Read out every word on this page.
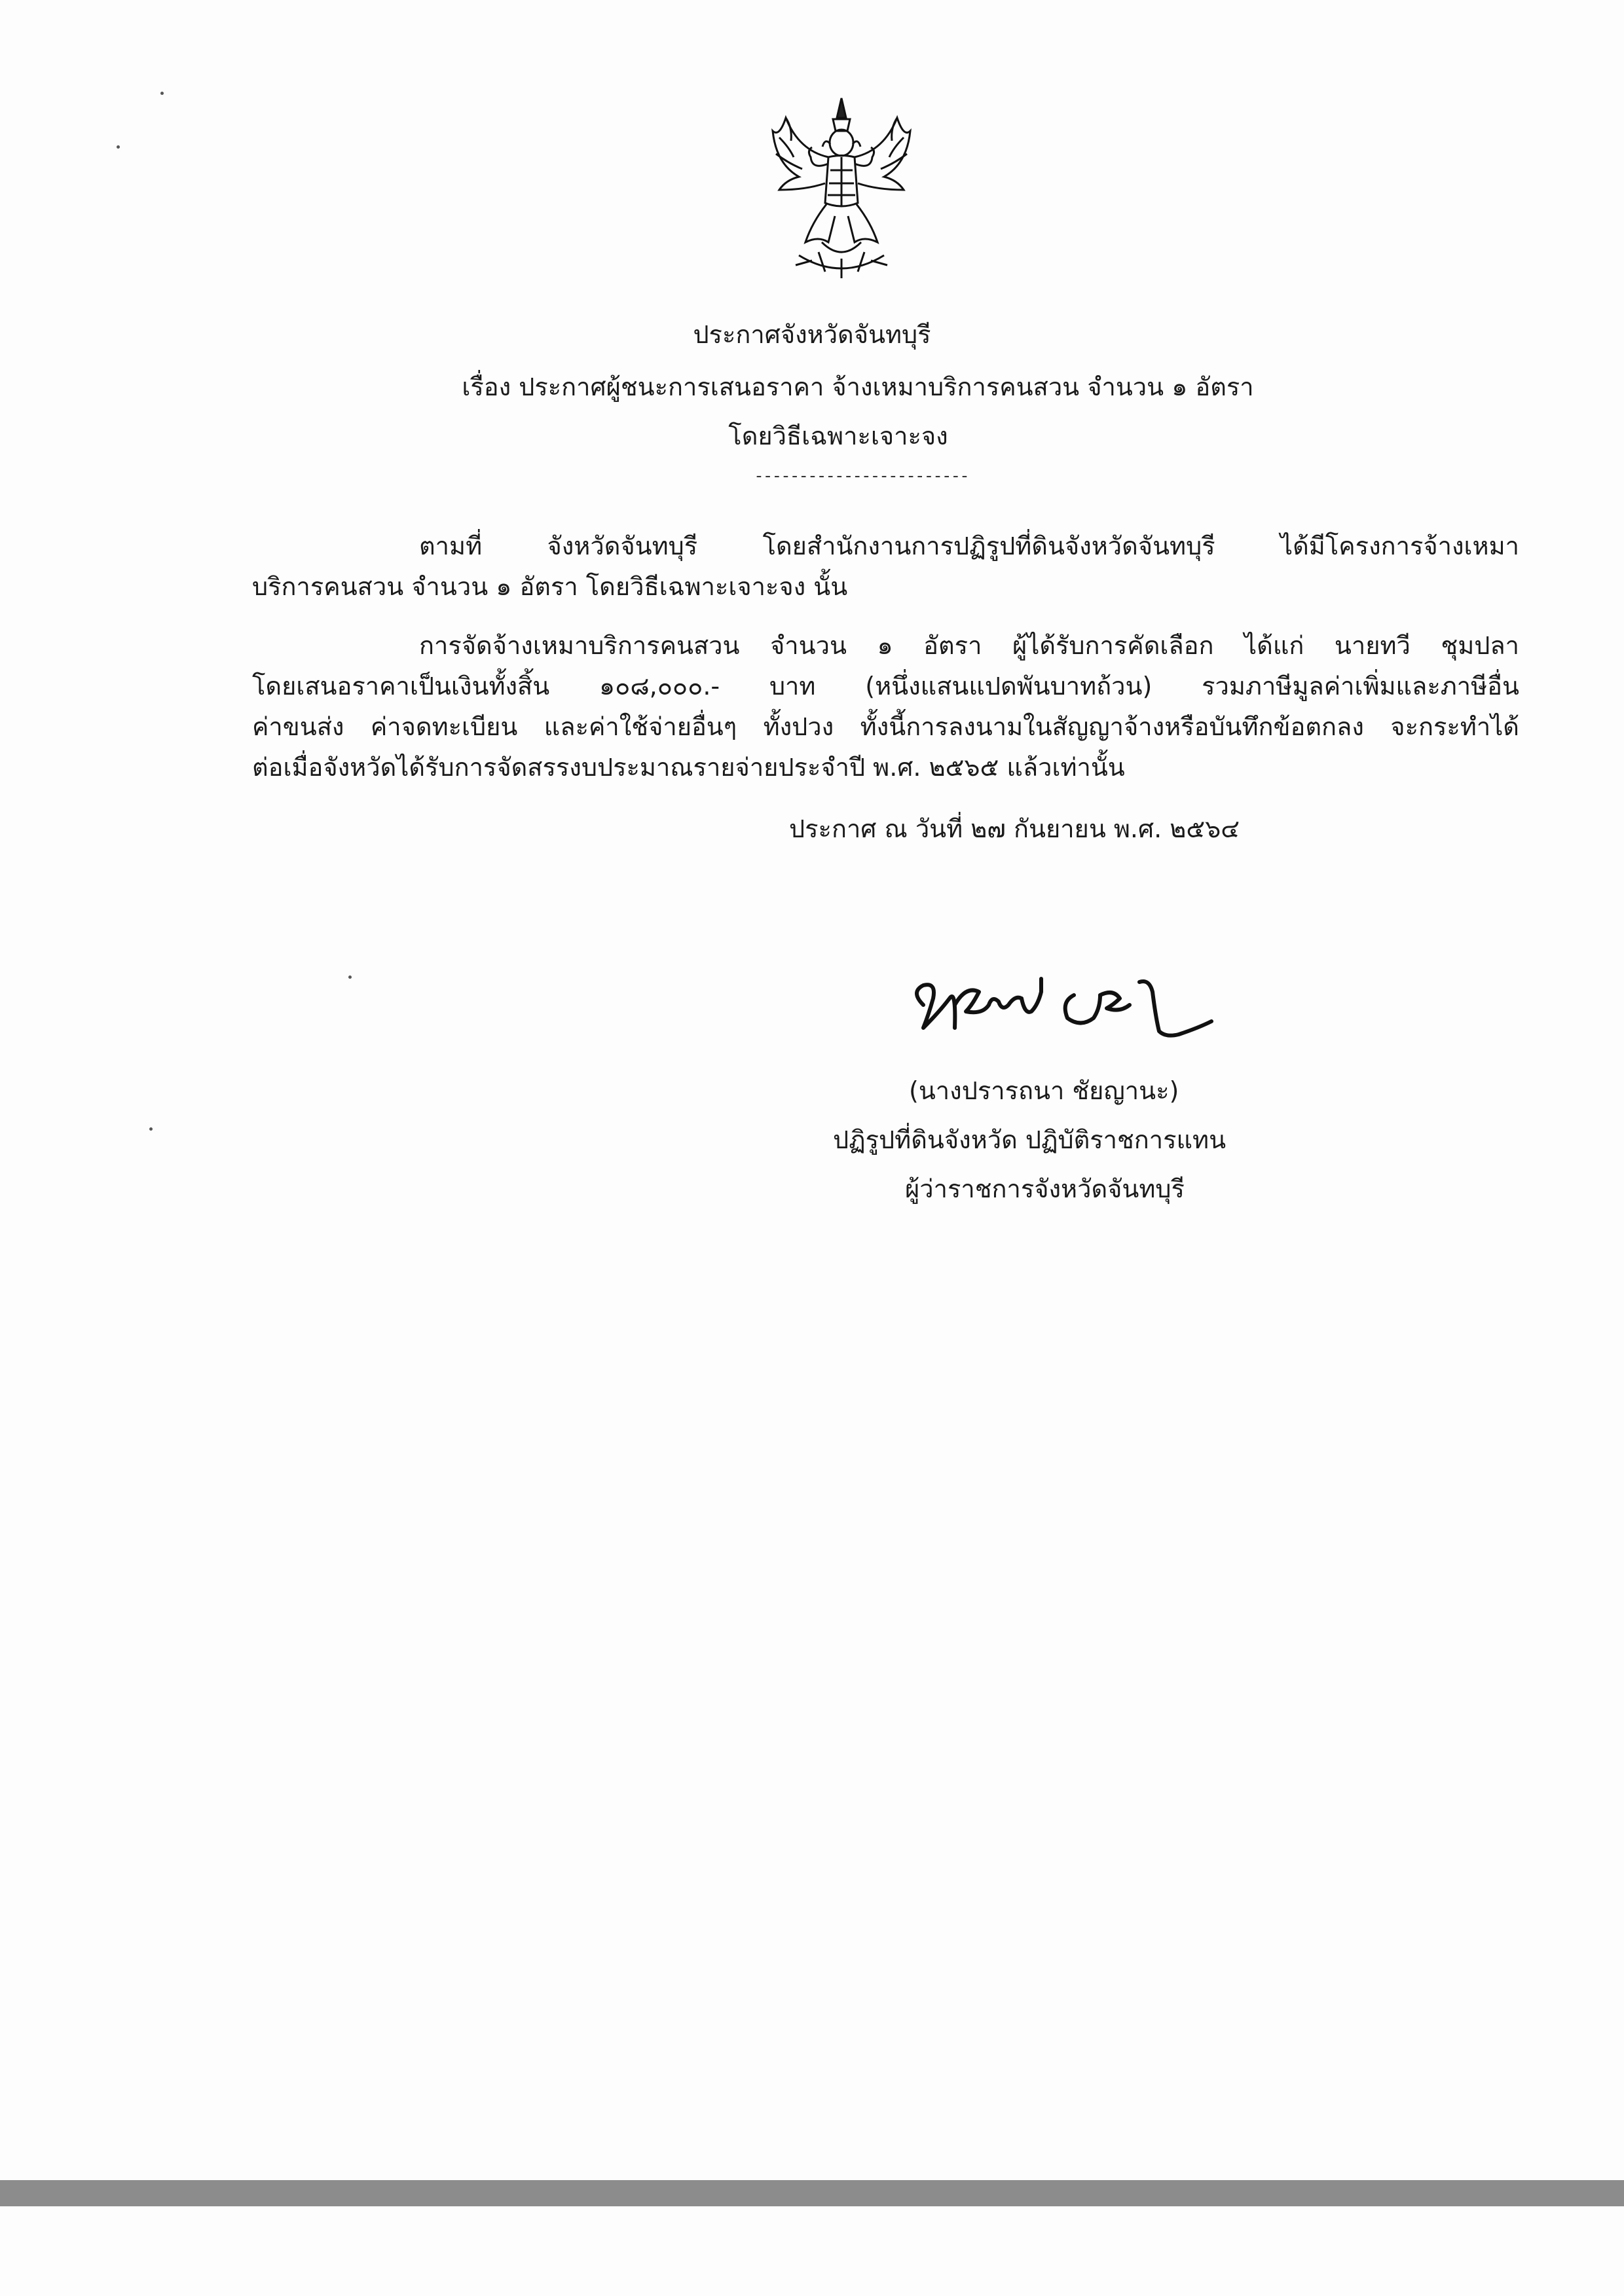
ประกาศจังหวัดจันทบุรี
เรื่อง ประกาศผู้ชนะการเสนอราคา จ้างเหมาบริการคนสวน จำนวน ๑ อัตรา
โดยวิธีเฉพาะเจาะจง
------------------------
ตามที่	จังหวัดจันทบุรี	โดยสำนักงานการปฏิรูปที่ดินจังหวัดจันทบุรี	ได้มีโครงการจ้างเหมา
บริการคนสวน จำนวน ๑ อัตรา โดยวิธีเฉพาะเจาะจง นั้น
การจัดจ้างเหมาบริการคนสวน จำนวน ๑ อัตรา ผู้ได้รับการคัดเลือก ได้แก่ นายทวี ชุมปลา
โดยเสนอราคาเป็นเงินทั้งสิ้น ๑๐๘,๐๐๐.- บาท (หนึ่งแสนแปดพันบาทถ้วน) รวมภาษีมูลค่าเพิ่มและภาษีอื่น
ค่าขนส่ง ค่าจดทะเบียน และค่าใช้จ่ายอื่นๆ ทั้งปวง ทั้งนี้การลงนามในสัญญาจ้างหรือบันทึกข้อตกลง จะกระทำได้
ต่อเมื่อจังหวัดได้รับการจัดสรรงบประมาณรายจ่ายประจำปี พ.ศ. ๒๕๖๕ แล้วเท่านั้น
ประกาศ ณ วันที่ ๒๗ กันยายน พ.ศ. ๒๕๖๔
(นางปรารถนา ชัยญานะ)
ปฏิรูปที่ดินจังหวัด ปฏิบัติราชการแทน
ผู้ว่าราชการจังหวัดจันทบุรี
